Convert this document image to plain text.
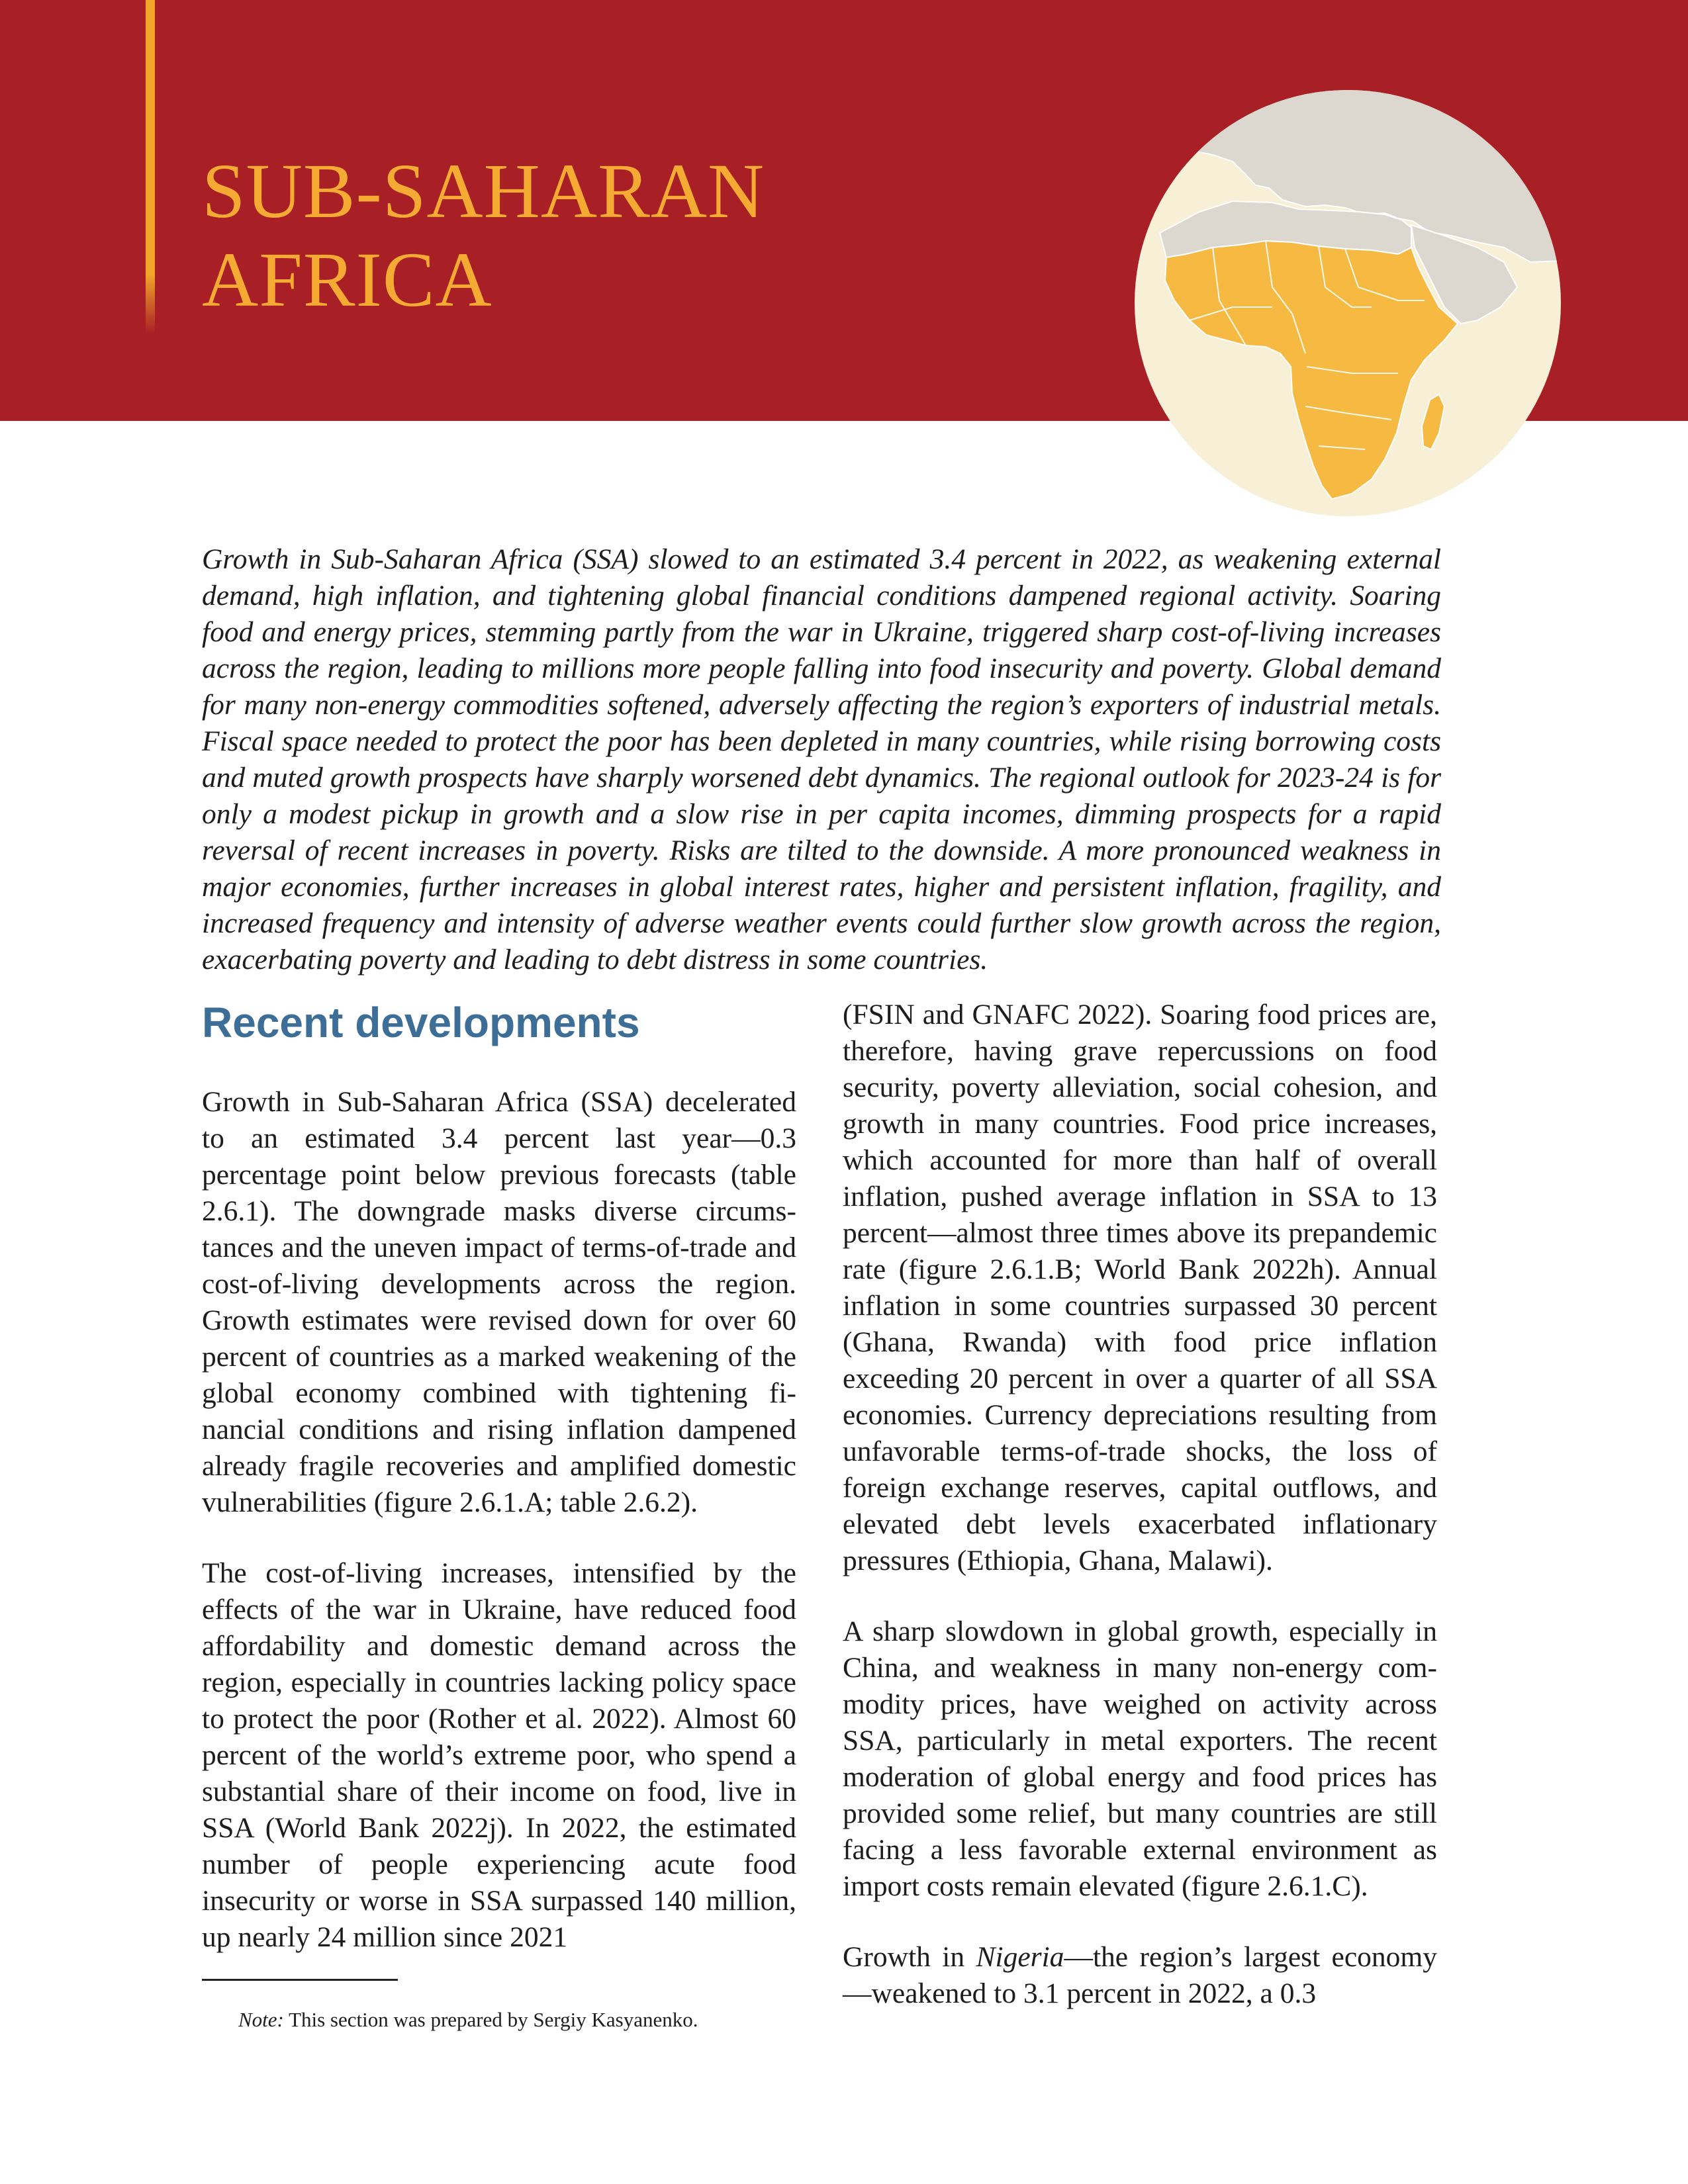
SUB-SAHARAN
AFRICA

Growth in Sub-Saharan Africa (SSA) slowed to an estimated 3.4 percent in 2022, as weakening external demand, high inflation, and tightening global financial conditions dampened regional activity. Soaring food and energy prices, stemming partly from the war in Ukraine, triggered sharp cost-of-living increases across the region, leading to millions more people falling into food insecurity and poverty. Global demand for many non-energy commodities softened, adversely affecting the region’s exporters of industrial metals. Fiscal space needed to protect the poor has been depleted in many countries, while rising borrowing costs and muted growth prospects have sharply worsened debt dynamics. The regional outlook for 2023-24 is for only a modest pickup in growth and a slow rise in per capita incomes, dimming prospects for a rapid reversal of recent increases in poverty. Risks are tilted to the downside. A more pronounced weakness in major economies, further increases in global interest rates, higher and persistent inflation, fragility, and increased frequency and intensity of adverse weather events could further slow growth across the region, exacerbating poverty and leading to debt distress in some countries.

Recent developments

Growth in Sub-Saharan Africa (SSA) decelerated to an estimated 3.4 percent last year—0.3 percentage point below previous forecasts (table 2.6.1). The downgrade masks diverse circumstances and the uneven impact of terms-of-trade and cost-of-living developments across the region. Growth estimates were revised down for over 60 percent of countries as a marked weakening of the global economy combined with tightening financial conditions and rising inflation dampened already fragile recoveries and amplified domestic vulnerabilities (figure 2.6.1.A; table 2.6.2).

The cost-of-living increases, intensified by the effects of the war in Ukraine, have reduced food affordability and domestic demand across the region, especially in countries lacking policy space to protect the poor (Rother et al. 2022). Almost 60 percent of the world’s extreme poor, who spend a substantial share of their income on food, live in SSA (World Bank 2022j). In 2022, the estimated number of people experiencing acute food insecurity or worse in SSA surpassed 140 million, up nearly 24 million since 2021

(FSIN and GNAFC 2022). Soaring food prices are, therefore, having grave repercussions on food security, poverty alleviation, social cohesion, and growth in many countries. Food price increases, which accounted for more than half of overall inflation, pushed average inflation in SSA to 13 percent—almost three times above its prepandemic rate (figure 2.6.1.B; World Bank 2022h). Annual inflation in some countries surpassed 30 percent (Ghana, Rwanda) with food price inflation exceeding 20 percent in over a quarter of all SSA economies. Currency depreciations resulting from unfavorable terms-of-trade shocks, the loss of foreign exchange reserves, capital outflows, and elevated debt levels exacerbated inflationary pressures (Ethiopia, Ghana, Malawi).

A sharp slowdown in global growth, especially in China, and weakness in many non-energy commodity prices, have weighed on activity across SSA, particularly in metal exporters. The recent moderation of global energy and food prices has provided some relief, but many countries are still facing a less favorable external environment as import costs remain elevated (figure 2.6.1.C).

Growth in Nigeria—the region’s largest economy—weakened to 3.1 percent in 2022, a 0.3

Note: This section was prepared by Sergiy Kasyanenko.
